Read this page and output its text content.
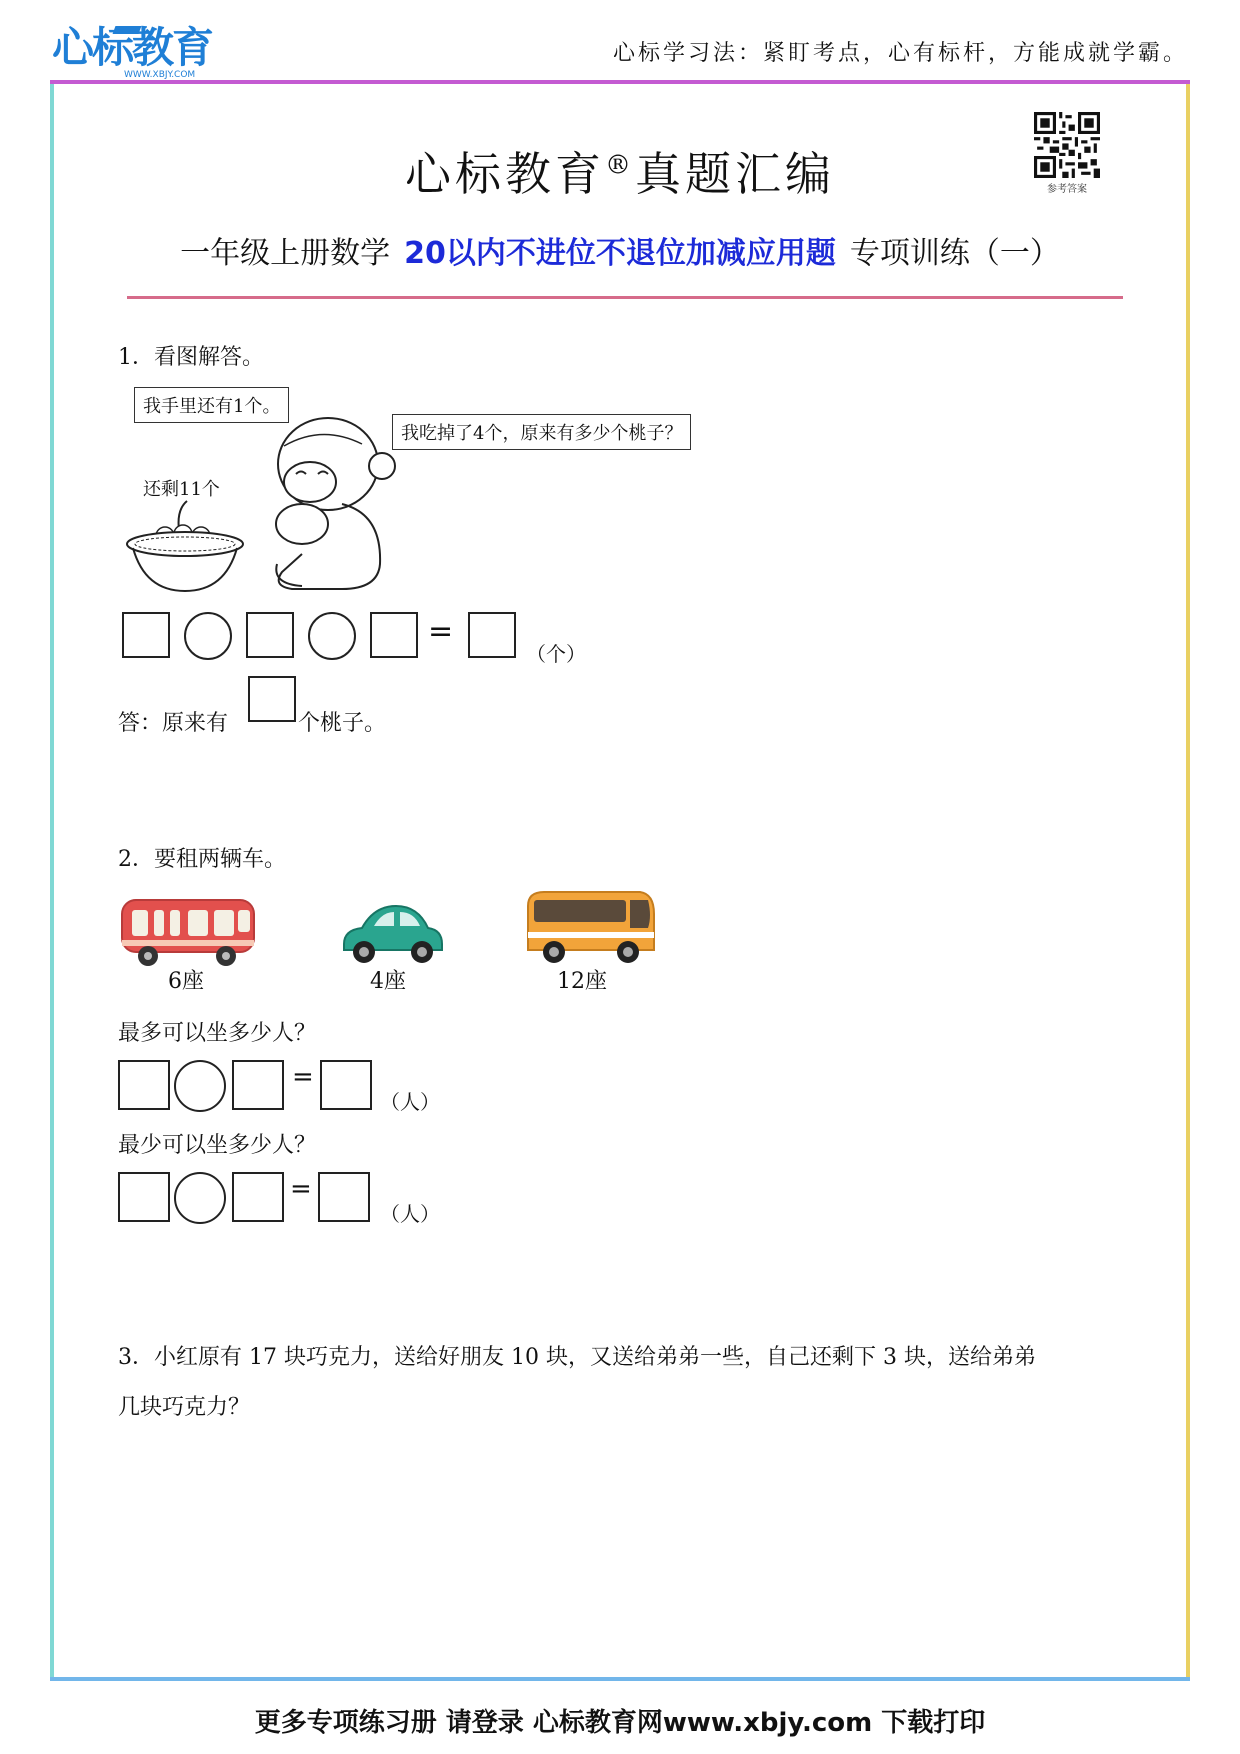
心标教育
WWW.XBJY.COM
心标学习法：紧盯考点，心有标杆，方能成就学霸。
参考答案
心标教育®真题汇编
一年级上册数学 20以内不进位不退位加减应用题 专项训练（一）
1．看图解答。
我手里还有1个。
我吃掉了4个，原来有多少个桃子？
还剩11个
=
（个）
答：原来有	个桃子。
2．要租两辆车。
6座	4座	12座
最多可以坐多少人？
=
（人）
最少可以坐多少人？
=
（人）
3．小红原有 17 块巧克力，送给好朋友 10 块，又送给弟弟一些，自己还剩下 3 块，送给弟弟
几块巧克力？
更多专项练习册 请登录 心标教育网www.xbjy.com 下载打印
